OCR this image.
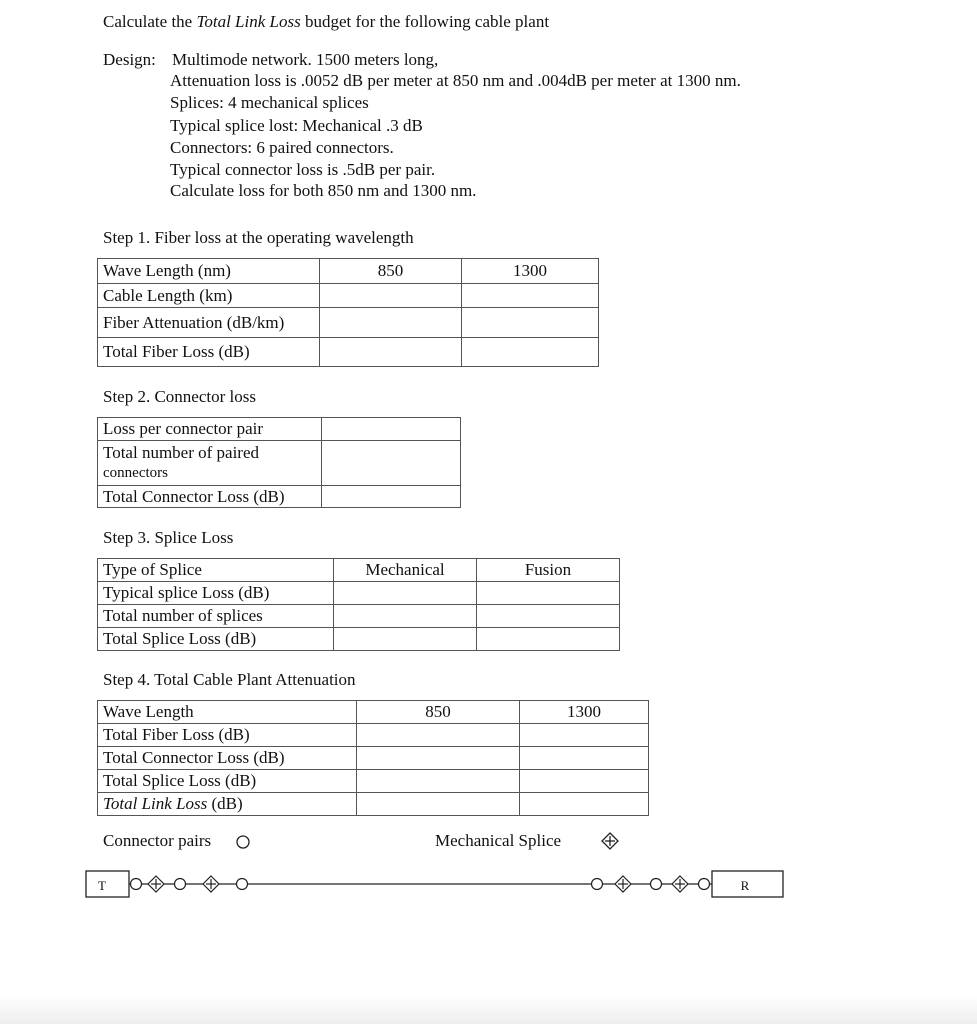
Calculate the Total Link Loss budget for the following cable plant
Design: Multimode network. 1500 meters long,
Attenuation loss is .0052 dB per meter at 850 nm and .004dB per meter at 1300 nm.
Splices: 4 mechanical splices
Typical splice lost: Mechanical .3 dB
Connectors: 6 paired connectors.
Typical connector loss is .5dB per pair.
Calculate loss for both 850 nm and 1300 nm.
Step 1. Fiber loss at the operating wavelength
Wave Length (nm)	850	1300
Cable Length (km)		
Fiber Attenuation (dB/km)		
Total Fiber Loss (dB)		
Step 2. Connector loss
Loss per connector pair	

Total number of paired
connectors	

Total Connector Loss (dB)	
Step 3. Splice Loss
Type of Splice	Mechanical	Fusion
Typical splice Loss (dB)		
Total number of splices		
Total Splice Loss (dB)		
Step 4. Total Cable Plant Attenuation
Wave Length	850	1300
Total Fiber Loss (dB)		
Total Connector Loss (dB)		
Total Splice Loss (dB)		
Total Link Loss (dB)		
Connector pairs	Mechanical Splice
T	R
